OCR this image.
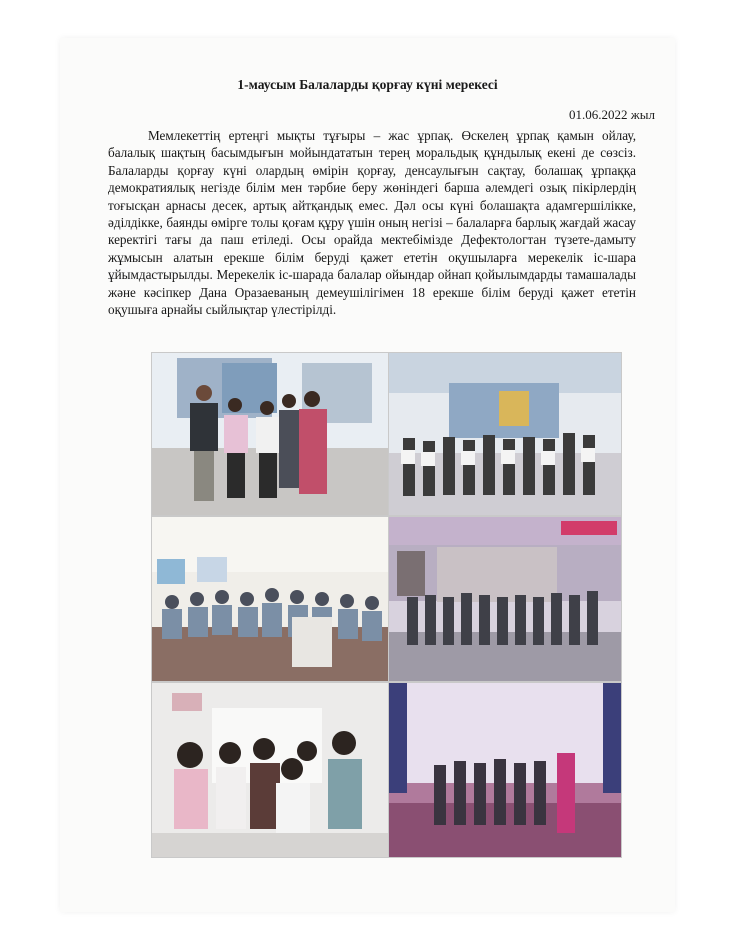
1-маусым Балаларды қорғау күні мерекесі
01.06.2022 жыл

Мемлекеттің ертеңгі мықты тұғыры – жас ұрпақ. Өскелең ұрпақ қамын ойлау, балалық шақтың басымдығын мойындататын терең моральдық құндылық екені де сөзсіз. Балаларды қорғау күні олардың өмірін қорғау, денсаулығын сақтау, болашақ ұрпаққа демократиялық негізде білім мен тәрбие беру жөніндегі барша әлемдегі озық пікірлердің тоғысқан арнасы десек, артық айтқандық емес. Дәл осы күні болашақта адамгершілікке, әділдікке, баянды өмірге толы қоғам құру үшін оның негізі – балаларға барлық жағдай жасау керектігі тағы да паш етіледі. Осы орайда мектебімізде Дефектологтан түзете-дамыту жұмысын алатын ерекше білім беруді қажет ететін оқушыларға мерекелік іс-шара ұйымдастырылды. Мерекелік іс-шарада балалар ойындар ойнап қойылымдарды тамашалады және кәсіпкер Дана Оразаеваның демеушілігімен 18 ерекше білім беруді қажет ететін оқушыға арнайы сыйлықтар үлестірілді.
